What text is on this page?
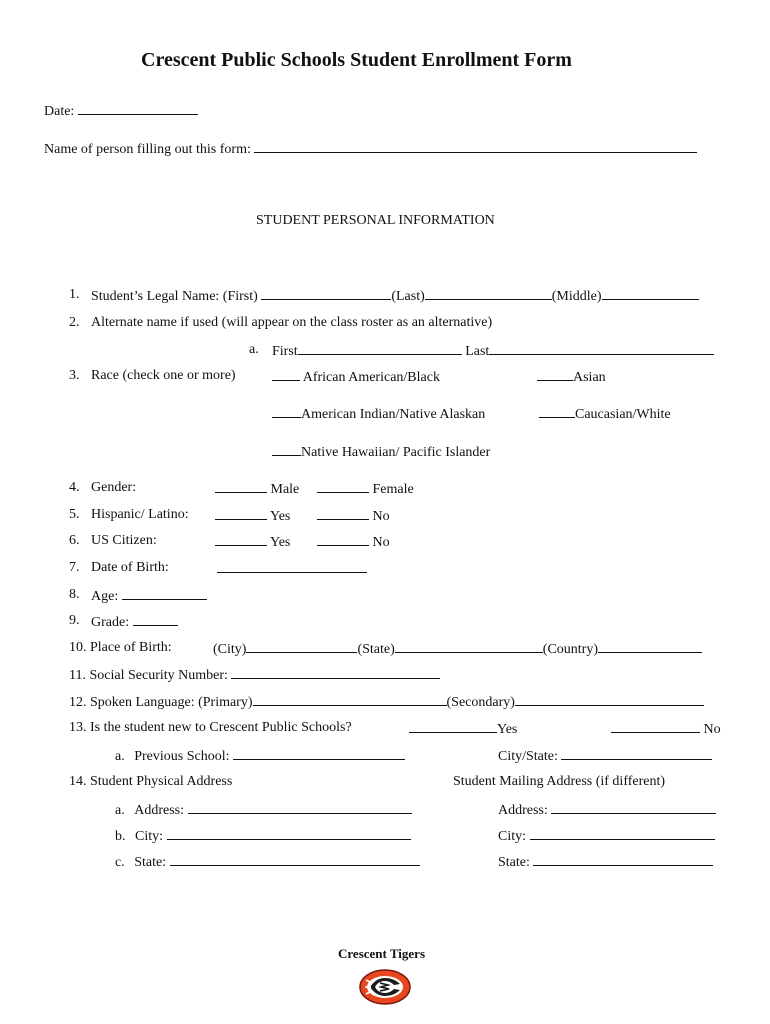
Crescent Public Schools Student Enrollment Form
Date:
Name of person filling out this form:
STUDENT PERSONAL INFORMATION
1. Student’s Legal Name: (First)	(Last)	(Middle)
2. Alternate name if used (will appear on the class roster as an alternative)
a. First	Last
3. Race (check one or more)	African American/Black	Asian
American Indian/Native Alaskan	Caucasian/White
Native Hawaiian/ Pacific Islander
4. Gender:	Male	Female
5. Hispanic/ Latino:	Yes	No
6. US Citizen:	Yes	No
7. Date of Birth:
8. Age:
9. Grade:
10. Place of Birth:	(City)	(State)	(Country)
11. Social Security Number:
12. Spoken Language: (Primary)	(Secondary)
13. Is the student new to Crescent Public Schools?	Yes	No
a. Previous School:	City/State:
14. Student Physical Address	Student Mailing Address (if different)
a. Address:	Address:
b. City:	City:
c. State:	State:
Crescent Tigers
